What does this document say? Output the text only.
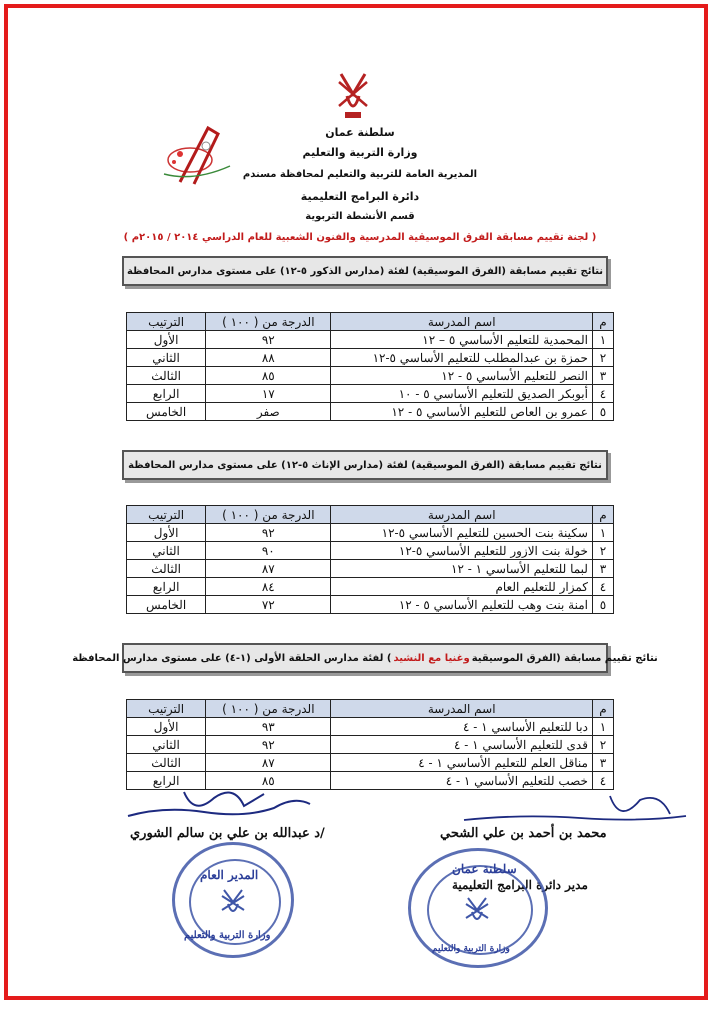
سلطنة عمان
وزارة التربية والتعليم
المديرية العامة للتربية والتعليم لمحافظة مسندم
دائرة البرامج التعليمية
قسم الأنشطة التربوية
( لجنة تقييم مسابقة الفرق الموسيقية المدرسية والفنون الشعبية للعام الدراسي ٢٠١٤ / ٢٠١٥م )
نتائج تقييم مسابقة (الفرق الموسيقية) لفئة (مدارس الذكور ٥-١٢) على مستوى مدارس المحافظة
م	اسم المدرسة	الدرجة من ( ١٠٠ )	الترتيب
١	المحمدية للتعليم الأساسي ٥ – ١٢	٩٢	الأول
٢	حمزة بن عبدالمطلب للتعليم الأساسي ٥-١٢	٨٨	الثاني
٣	النصر للتعليم الأساسي ٥ - ١٢	٨٥	الثالث
٤	أبوبكر الصديق للتعليم الأساسي ٥ - ١٠	١٧	الرابع
٥	عمرو بن العاص للتعليم الأساسي ٥ - ١٢	صفر	الخامس
نتائج تقييم مسابقة (الفرق الموسيقية) لفئة (مدارس الإناث ٥-١٢) على مستوى مدارس المحافظة
م	اسم المدرسة	الدرجة من ( ١٠٠ )	الترتيب
١	سكينة بنت الحسين للتعليم الأساسي ٥-١٢	٩٢	الأول
٢	خولة بنت الازور للتعليم الأساسي ٥-١٢	٩٠	الثاني
٣	لبما للتعليم الأساسي ١ - ١٢	٨٧	الثالث
٤	كمزار للتعليم العام	٨٤	الرابع
٥	امنة بنت وهب للتعليم الأساسي ٥ - ١٢	٧٢	الخامس
نتائج تقييم مسابقة (الفرق الموسيقية
وغنيا مع النشيد
) لفئة مدارس الحلقة الأولى (١-٤) على مستوى مدارس المحافظة
م	اسم المدرسة	الدرجة من ( ١٠٠ )	الترتيب
١	دبا للتعليم الأساسي ١ - ٤	٩٣	الأول
٢	قدى للتعليم الأساسي ١ - ٤	٩٢	الثاني
٣	مناقل العلم للتعليم الأساسي ١ - ٤	٨٧	الثالث
٤	خصب للتعليم الأساسي ١ - ٤	٨٥	الرابع
/د عبدالله بن علي بن سالم الشوري	محمد بن أحمد بن علي الشحي
مدير دائرة البرامج التعليمية
المدير العام
وزارة التربية والتعليم
سلطنة عمان
وزارة التربية والتعليم
